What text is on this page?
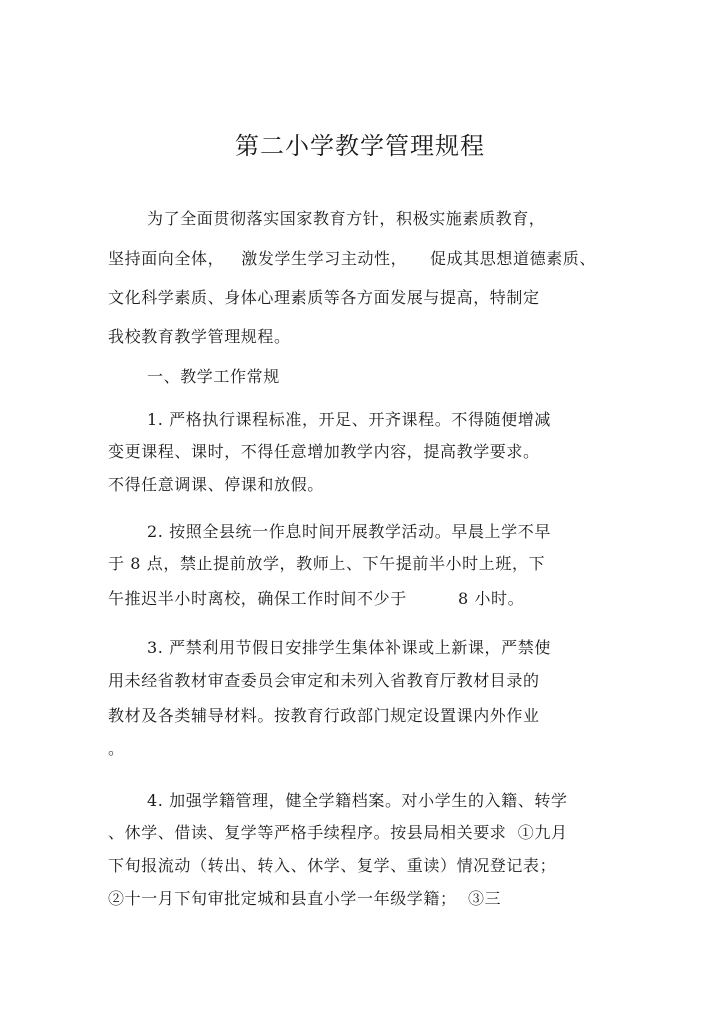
第二小学教学管理规程
为了全面贯彻落实国家教育方针，积极实施素质教育，
坚持面向全体，   激发学生学习主动性，    促成其思想道德素质、
文化科学素质、身体心理素质等各方面发展与提高，特制定
我校教育教学管理规程。
一、教学工作常规
1. 严格执行课程标准，开足、开齐课程。不得随便增减
变更课程、课时，不得任意增加教学内容，提高教学要求。
不得任意调课、停课和放假。
2. 按照全县统一作息时间开展教学活动。早晨上学不早
于 8 点，禁止提前放学，教师上、下午提前半小时上班，下
午推迟半小时离校，确保工作时间不少于         8 小时。
3. 严禁利用节假日安排学生集体补课或上新课，严禁使
用未经省教材审查委员会审定和未列入省教育厅教材目录的
教材及各类辅导材料。按教育行政部门规定设置课内外作业
。
4. 加强学籍管理，健全学籍档案。对小学生的入籍、转学
、休学、借读、复学等严格手续程序。按县局相关要求  ①九月
下旬报流动（转出、转入、休学、复学、重读）情况登记表；
②十一月下旬审批定城和县直小学一年级学籍；  ③三
